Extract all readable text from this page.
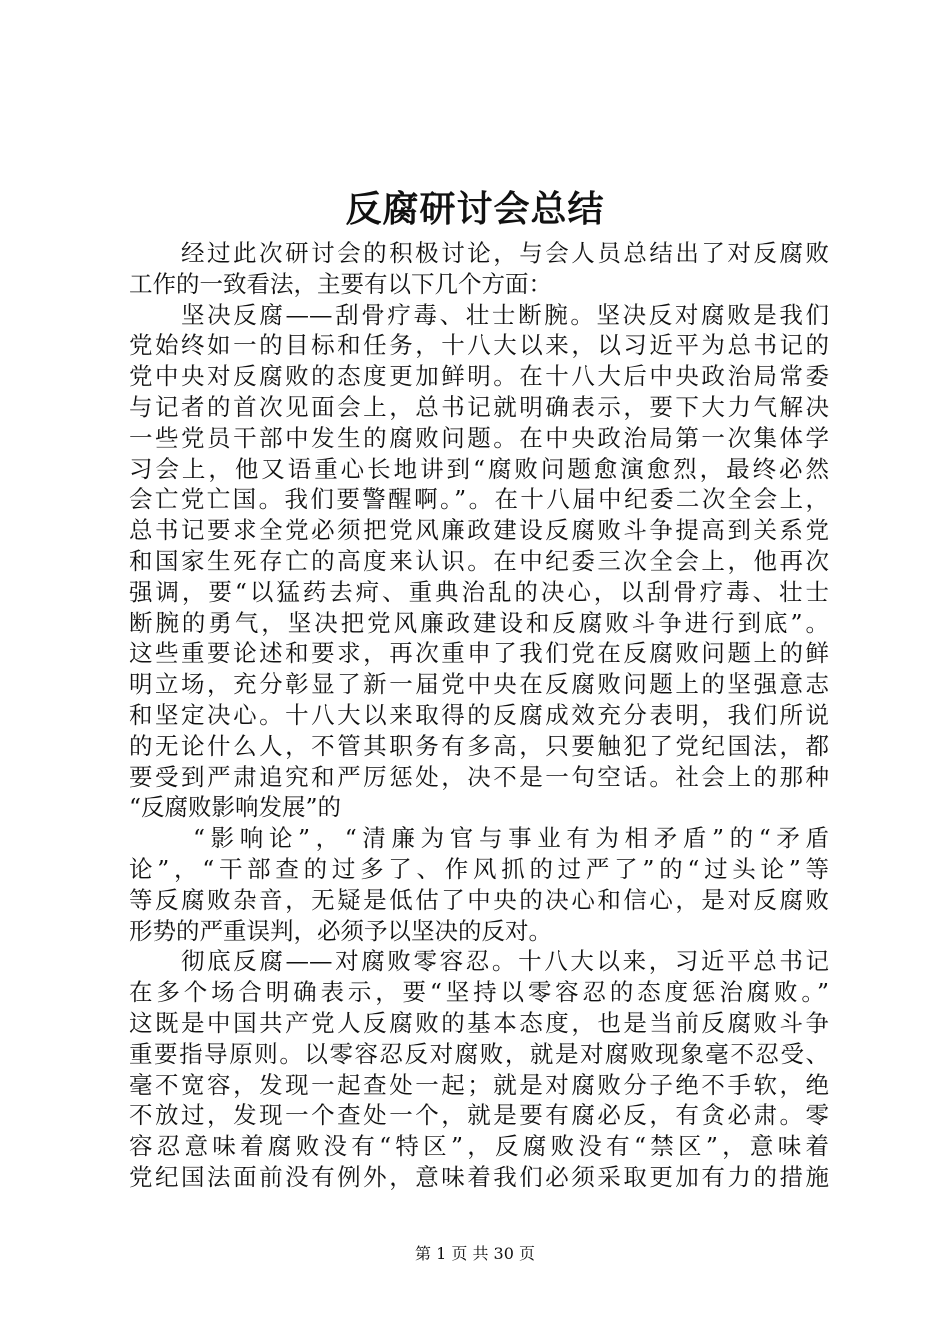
反腐研讨会总结
经过此次研讨会的积极讨论，与会人员总结出了对反腐败
工作的一致看法，主要有以下几个方面：
坚决反腐——刮骨疗毒、壮士断腕。坚决反对腐败是我们
党始终如一的目标和任务，十八大以来，以习近平为总书记的
党中央对反腐败的态度更加鲜明。在十八大后中央政治局常委
与记者的首次见面会上，总书记就明确表示，要下大力气解决
一些党员干部中发生的腐败问题。在中央政治局第一次集体学
习会上，他又语重心长地讲到“腐败问题愈演愈烈，最终必然
会亡党亡国。我们要警醒啊。”。在十八届中纪委二次全会上，
总书记要求全党必须把党风廉政建设反腐败斗争提高到关系党
和国家生死存亡的高度来认识。在中纪委三次全会上，他再次
强调，要“以猛药去疴、重典治乱的决心，以刮骨疗毒、壮士
断腕的勇气，坚决把党风廉政建设和反腐败斗争进行到底”。
这些重要论述和要求，再次重申了我们党在反腐败问题上的鲜
明立场，充分彰显了新一届党中央在反腐败问题上的坚强意志
和坚定决心。十八大以来取得的反腐成效充分表明，我们所说
的无论什么人，不管其职务有多高，只要触犯了党纪国法，都
要受到严肃追究和严厉惩处，决不是一句空话。社会上的那种
“反腐败影响发展”的
“影响论”，“清廉为官与事业有为相矛盾”的“矛盾
论”，“干部查的过多了、作风抓的过严了”的“过头论”等
等反腐败杂音，无疑是低估了中央的决心和信心，是对反腐败
形势的严重误判，必须予以坚决的反对。
彻底反腐——对腐败零容忍。十八大以来，习近平总书记
在多个场合明确表示，要“坚持以零容忍的态度惩治腐败。”
这既是中国共产党人反腐败的基本态度，也是当前反腐败斗争
重要指导原则。以零容忍反对腐败，就是对腐败现象毫不忍受、
毫不宽容，发现一起查处一起；就是对腐败分子绝不手软，绝
不放过，发现一个查处一个，就是要有腐必反，有贪必肃。零
容忍意味着腐败没有“特区”，反腐败没有“禁区”，意味着
党纪国法面前没有例外，意味着我们必须采取更加有力的措施
第 1 页 共 30 页
